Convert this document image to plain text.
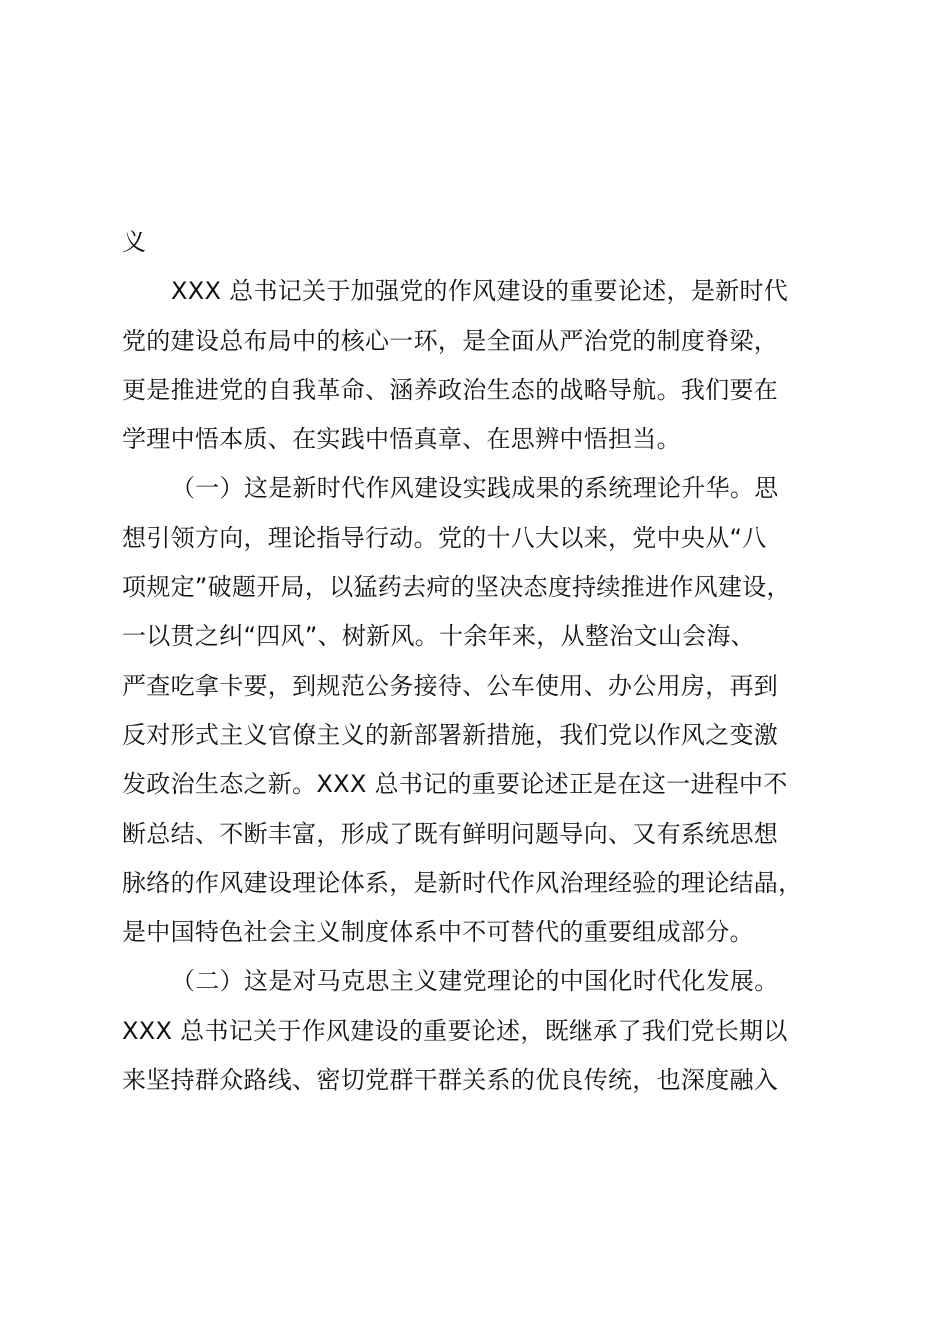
义
XXX 总书记关于加强党的作风建设的重要论述，是新时代
党的建设总布局中的核心一环，是全面从严治党的制度脊梁，
更是推进党的自我革命、涵养政治生态的战略导航。我们要在
学理中悟本质、在实践中悟真章、在思辨中悟担当。
（一）这是新时代作风建设实践成果的系统理论升华。思
想引领方向，理论指导行动。党的十八大以来，党中央从“八
项规定”破题开局，以猛药去疴的坚决态度持续推进作风建设，
一以贯之纠“四风”、树新风。十余年来，从整治文山会海、
严查吃拿卡要，到规范公务接待、公车使用、办公用房，再到
反对形式主义官僚主义的新部署新措施，我们党以作风之变激
发政治生态之新。XXX 总书记的重要论述正是在这一进程中不
断总结、不断丰富，形成了既有鲜明问题导向、又有系统思想
脉络的作风建设理论体系，是新时代作风治理经验的理论结晶，
是中国特色社会主义制度体系中不可替代的重要组成部分。
（二）这是对马克思主义建党理论的中国化时代化发展。
XXX 总书记关于作风建设的重要论述，既继承了我们党长期以
来坚持群众路线、密切党群干群关系的优良传统，也深度融入
